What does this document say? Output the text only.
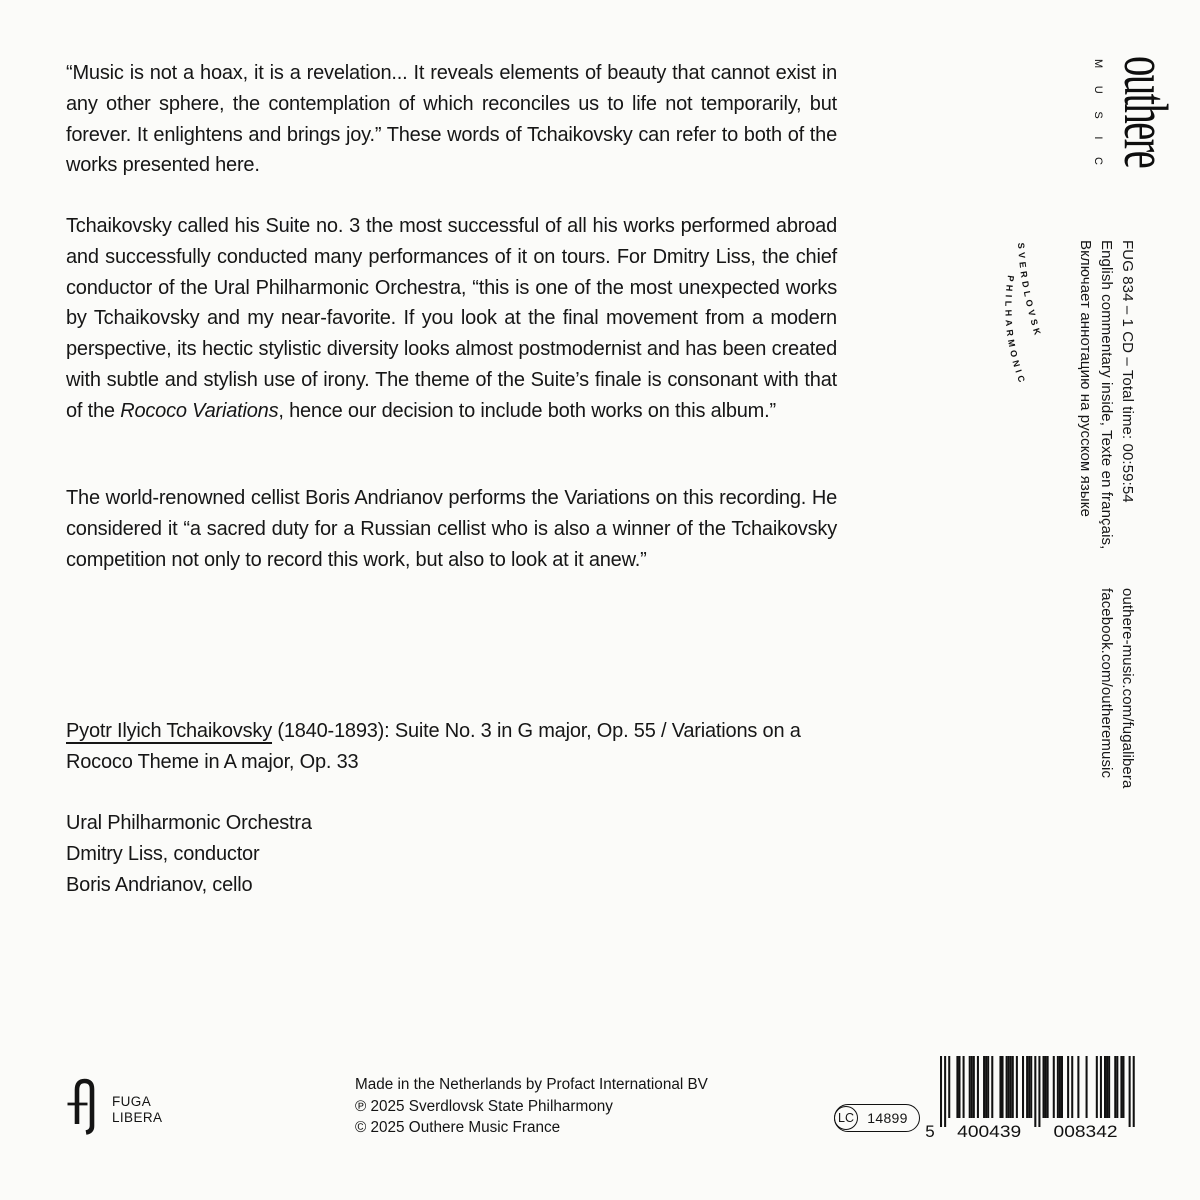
“Music is not a hoax, it is a revelation... It reveals elements of beauty that cannot exist in any other sphere, the contemplation of which reconciles us to life not temporarily, but forever. It enlightens and brings joy.” These words of Tchaikovsky can refer to both of the works presented here.

Tchaikovsky called his Suite no. 3 the most successful of all his works performed abroad and successfully conducted many performances of it on tours. For Dmitry Liss, the chief conductor of the Ural Philharmonic Orchestra, “this is one of the most unexpected works by Tchaikovsky and my near-favorite. If you look at the final movement from a modern perspective, its hectic stylistic diversity looks almost postmodernist and has been created with subtle and stylish use of irony. The theme of the Suite’s finale is consonant with that of the Rococo Variations, hence our decision to include both works on this album.”

The world-renowned cellist Boris Andrianov performs the Variations on this recording. He considered it “a sacred duty for a Russian cellist who is also a winner of the Tchaikovsky competition not only to record this work, but also to look at it anew.”

Pyotr Ilyich Tchaikovsky (1840-1893): Suite No. 3 in G major, Op. 55 / Variations on a Rococo Theme in A major, Op. 33

Ural Philharmonic Orchestra
Dmitry Liss, conductor
Boris Andrianov, cello
outhere
M
U
S
I
C
SVERDLOVSK
PHILHARMONIC	FUG 834 – 1 CD – Total time: 00:59:54
English commentary inside, Texte en français,
Включает аннотацию на русском языке
outhere-music.com/fugalibera
facebook.com/outheremusic
FUGA
LIBERA
Made in the Netherlands by Profact International BV
℗ 2025 Sverdlovsk State Philharmony
© 2025 Outhere Music France
LC 14899
5 400439 008342
